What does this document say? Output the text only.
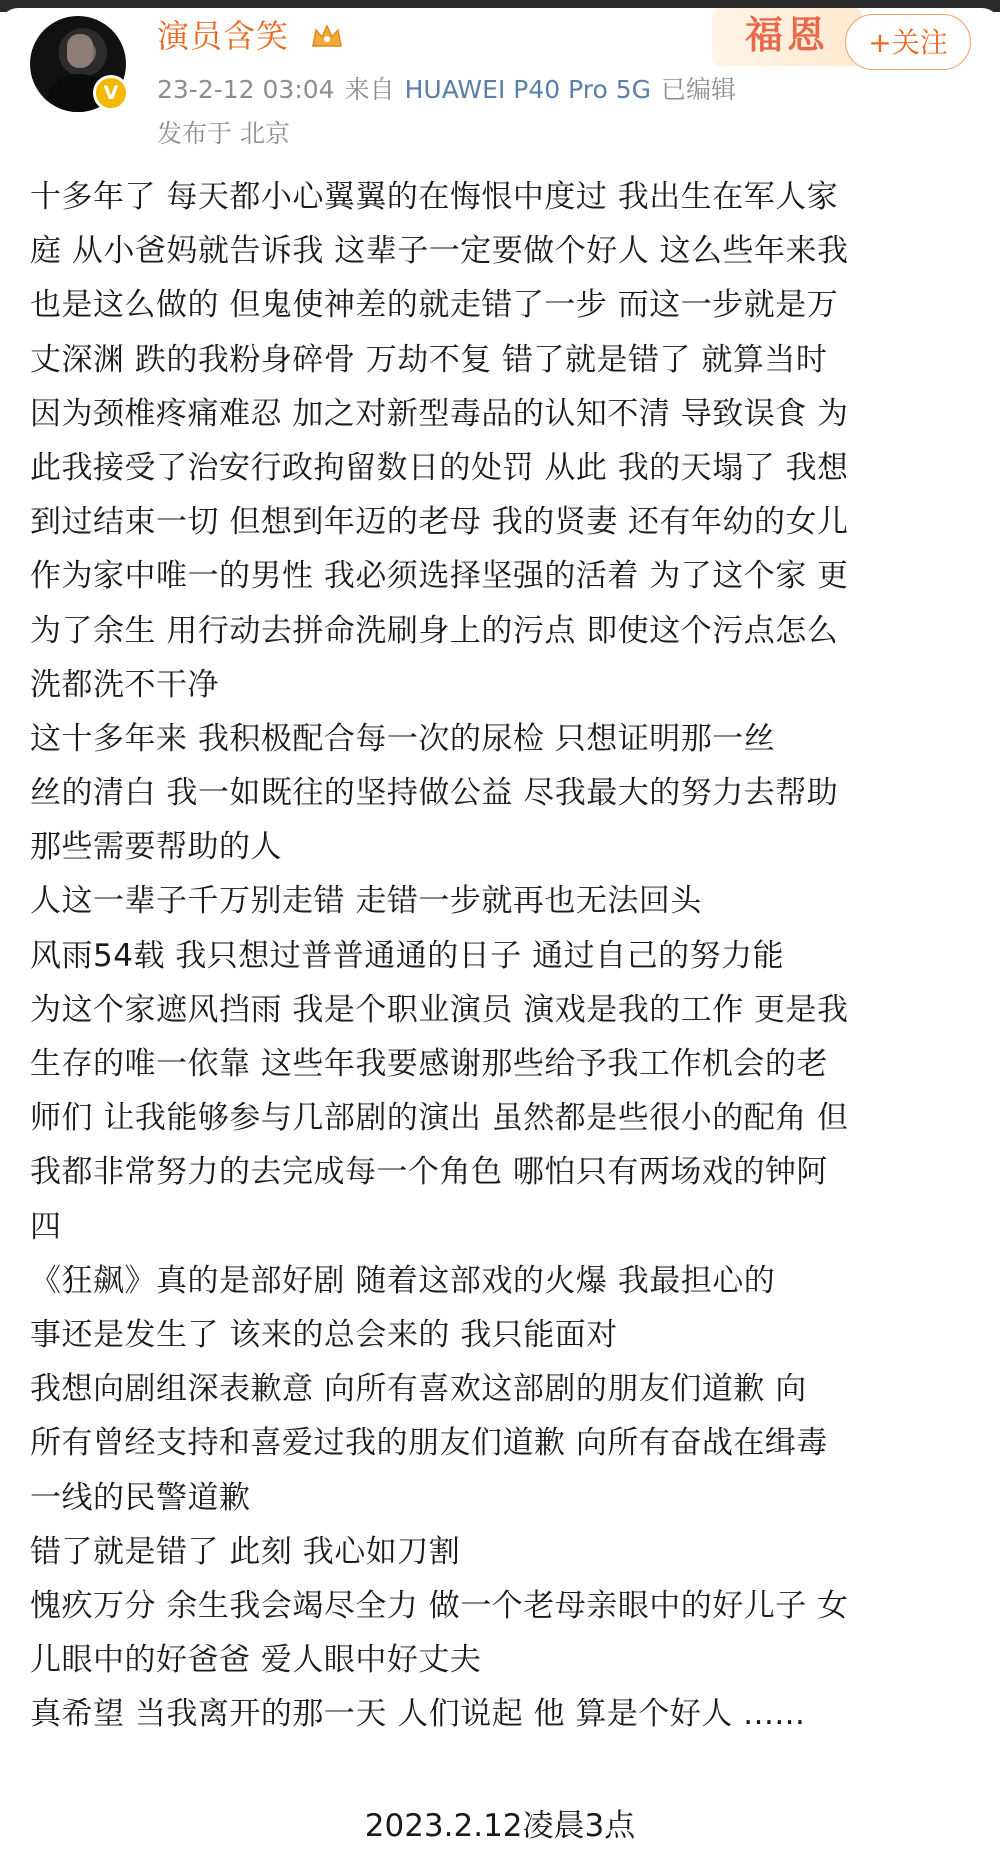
V
演员含笑	福恩	+关注
23-2-12 03:04 来自 HUAWEI P40 Pro 5G 已编辑
发布于 北京
十多年了 每天都小心翼翼的在悔恨中度过 我出生在军人家
庭 从小爸妈就告诉我 这辈子一定要做个好人 这么些年来我
也是这么做的 但鬼使神差的就走错了一步 而这一步就是万
丈深渊 跌的我粉身碎骨 万劫不复 错了就是错了 就算当时
因为颈椎疼痛难忍 加之对新型毒品的认知不清 导致误食 为
此我接受了治安行政拘留数日的处罚 从此 我的天塌了 我想
到过结束一切 但想到年迈的老母 我的贤妻 还有年幼的女儿
作为家中唯一的男性 我必须选择坚强的活着 为了这个家 更
为了余生 用行动去拼命洗刷身上的污点 即使这个污点怎么
洗都洗不干净
这十多年来 我积极配合每一次的尿检 只想证明那一丝
丝的清白 我一如既往的坚持做公益 尽我最大的努力去帮助
那些需要帮助的人
人这一辈子千万别走错 走错一步就再也无法回头
风雨54载 我只想过普普通通的日子 通过自己的努力能
为这个家遮风挡雨 我是个职业演员 演戏是我的工作 更是我
生存的唯一依靠 这些年我要感谢那些给予我工作机会的老
师们 让我能够参与几部剧的演出 虽然都是些很小的配角 但
我都非常努力的去完成每一个角色 哪怕只有两场戏的钟阿
四
《狂飙》真的是部好剧 随着这部戏的火爆 我最担心的
事还是发生了 该来的总会来的 我只能面对
我想向剧组深表歉意 向所有喜欢这部剧的朋友们道歉 向
所有曾经支持和喜爱过我的朋友们道歉 向所有奋战在缉毒
一线的民警道歉
错了就是错了 此刻 我心如刀割
愧疚万分 余生我会竭尽全力 做一个老母亲眼中的好儿子 女
儿眼中的好爸爸 爱人眼中好丈夫
真希望 当我离开的那一天 人们说起 他 算是个好人 ......
2023.2.12凌晨3点
